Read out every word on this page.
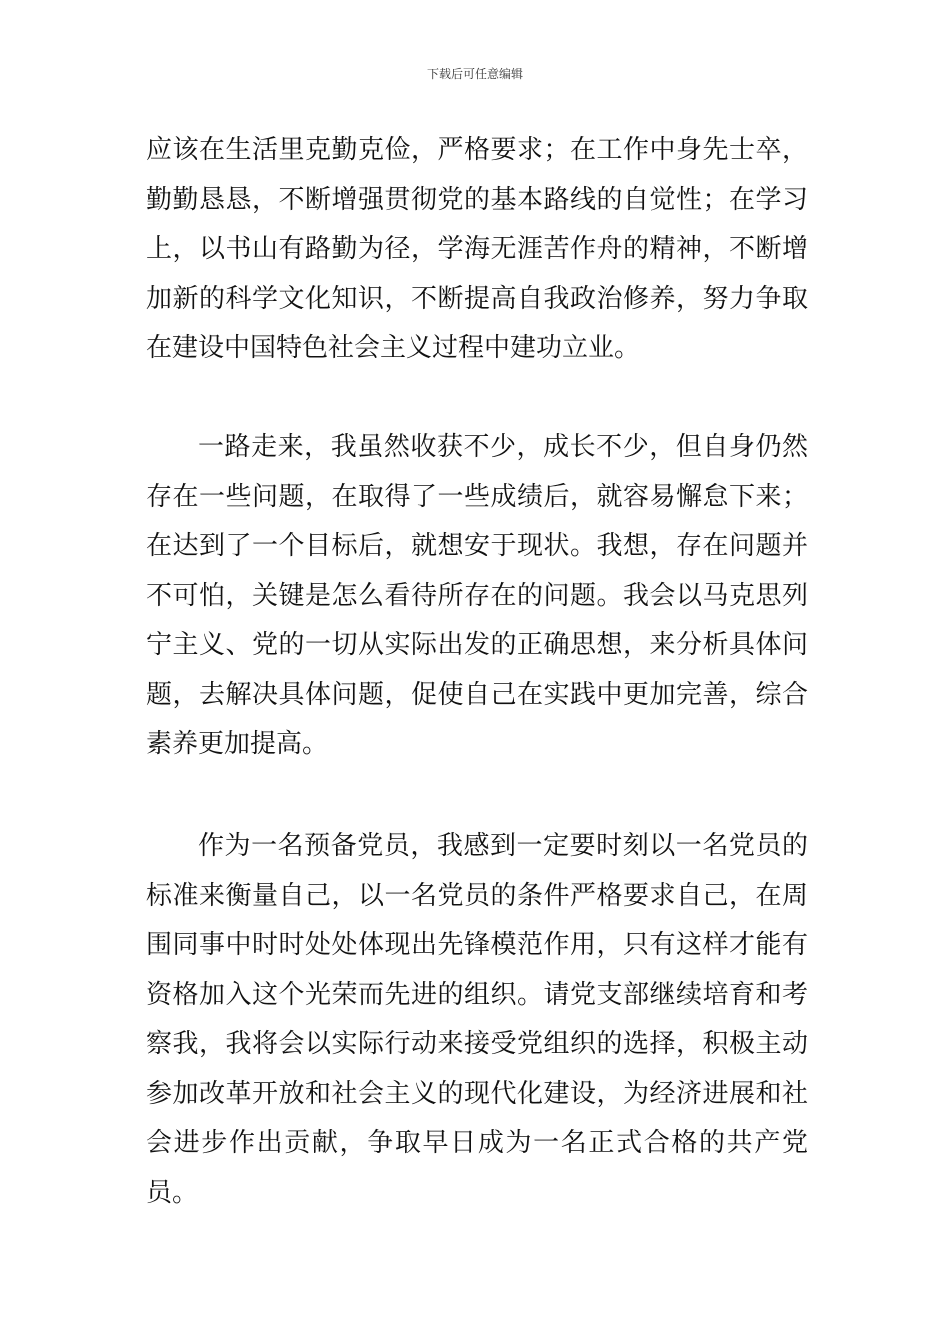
下载后可任意编辑

应该在生活里克勤克俭，严格要求；在工作中身先士卒，勤勤恳恳，不断增强贯彻党的基本路线的自觉性；在学习上，以书山有路勤为径，学海无涯苦作舟的精神，不断增加新的科学文化知识，不断提高自我政治修养，努力争取在建设中国特色社会主义过程中建功立业。

一路走来，我虽然收获不少，成长不少，但自身仍然存在一些问题，在取得了一些成绩后，就容易懈怠下来；在达到了一个目标后，就想安于现状。我想，存在问题并不可怕，关键是怎么看待所存在的问题。我会以马克思列宁主义、党的一切从实际出发的正确思想，来分析具体问题，去解决具体问题，促使自己在实践中更加完善，综合素养更加提高。

作为一名预备党员，我感到一定要时刻以一名党员的标准来衡量自己，以一名党员的条件严格要求自己，在周围同事中时时处处体现出先锋模范作用，只有这样才能有资格加入这个光荣而先进的组织。请党支部继续培育和考察我，我将会以实际行动来接受党组织的选择，积极主动参加改革开放和社会主义的现代化建设，为经济进展和社会进步作出贡献，争取早日成为一名正式合格的共产党员。
